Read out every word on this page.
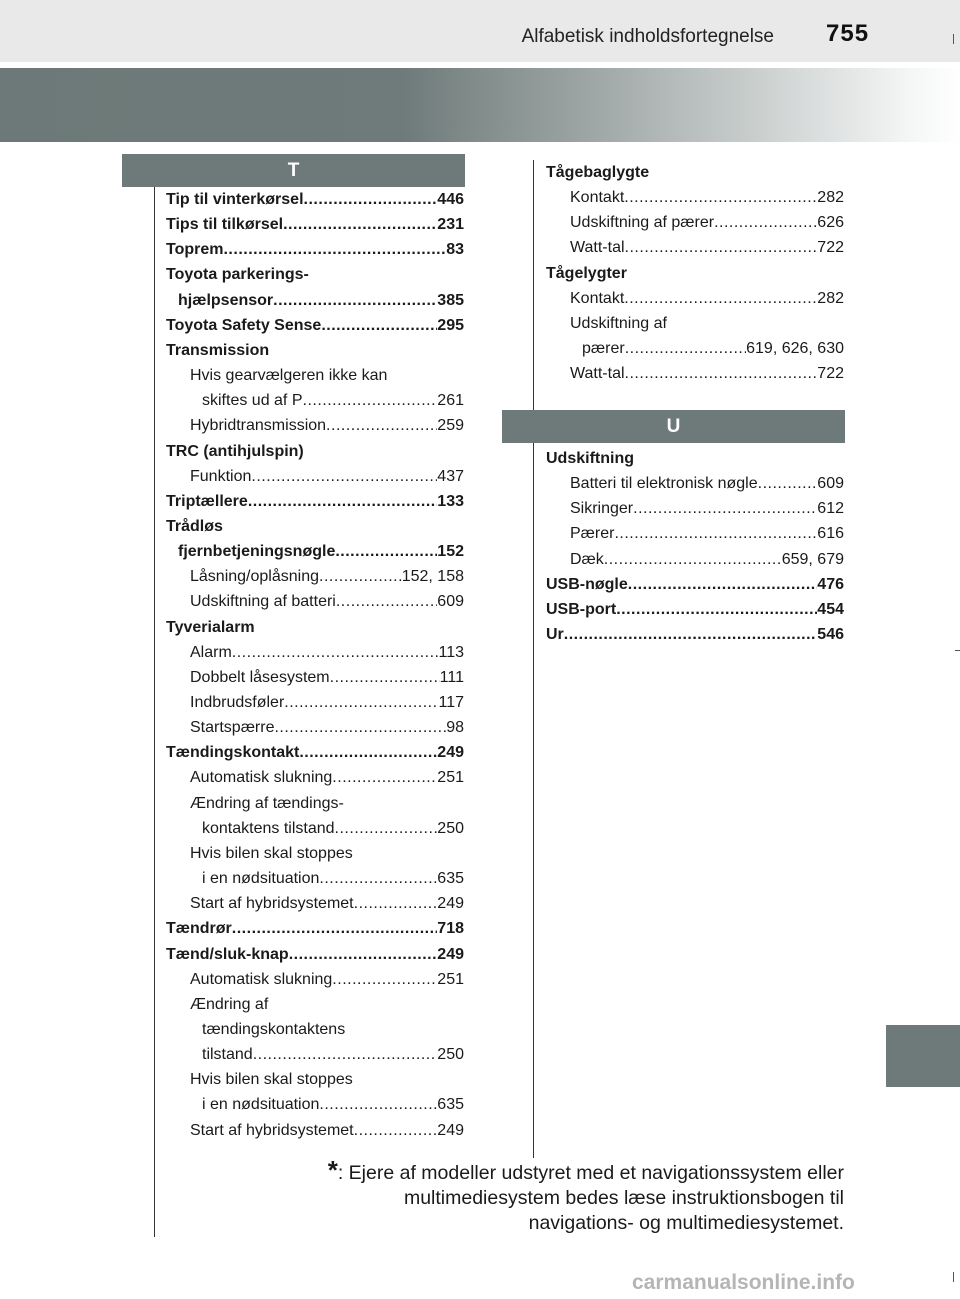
Alfabetisk indholdsfortegnelse 755
T
Tip til vinterkørsel .....	446
Tips til tilkørsel .....	231
Toprem .....	83
Toyota parkerings-
hjælpsensor .....	385
Toyota Safety Sense .....	295
Transmission
Hvis gearvælgeren ikke kan
skiftes ud af P .....	261
Hybridtransmission .....	259
TRC (antihjulspin)
Funktion .....	437
Triptællere .....	133
Trådløs
fjernbetjeningsnøgle .....	152
Låsning/oplåsning .....	152, 158
Udskiftning af batteri .....	609
Tyverialarm
Alarm .....	113
Dobbelt låsesystem .....	111
Indbrudsføler .....	117
Startspærre .....	98
Tændingskontakt .....	249
Automatisk slukning .....	251
Ændring af tændings-
kontaktens tilstand .....	250
Hvis bilen skal stoppes
i en nødsituation .....	635
Start af hybridsystemet .....	249
Tændrør .....	718
Tænd/sluk-knap .....	249
Automatisk slukning .....	251
Ændring af
tændingskontaktens
tilstand .....	250
Hvis bilen skal stoppes
i en nødsituation .....	635
Start af hybridsystemet .....	249
Tågebaglygte
Kontakt .....	282
Udskiftning af pærer .....	626
Watt-tal .....	722
Tågelygter
Kontakt .....	282
Udskiftning af
pærer .....	619, 626, 630
Watt-tal .....	722
U
Udskiftning
Batteri til elektronisk nøgle .....	609
Sikringer .....	612
Pærer .....	616
Dæk .....	659, 679
USB-nøgle .....	476
USB-port .....	454
Ur .....	546
*: Ejere af modeller udstyret med et navigationssystem eller
multimediesystem bedes læse instruktionsbogen til
navigations- og multimediesystemet.
carmanualsonline.info
